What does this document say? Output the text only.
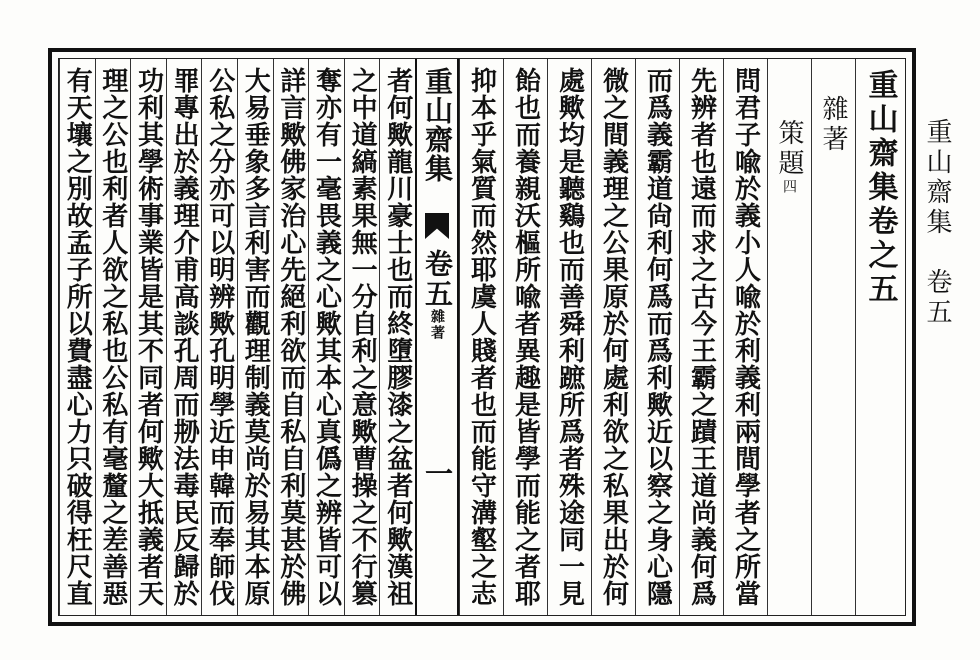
重山齋集　卷五
重山齋集卷之五
雜著
策題四
問君子喩於義小人喩於利義利兩間學者之所當
先辨者也遠而求之古今王霸之蹟王道尚義何爲
而爲義霸道尙利何爲而爲利歟近以察之身心隱
微之間義理之公果原於何處利欲之私果出於何
處歟均是聽鷄也而善舜利蹠所爲者殊途同一見
飴也而養親沃樞所喩者異趣是皆學而能之者耶
抑本乎氣質而然耶虞人賤者也而能守溝壑之志
重山齋集
卷五雜著
一
者何歟龍川豪士也而終墮膠漆之盆者何歟漢祖
之中道縞素果無一分自利之意歟曹操之不行篡
奪亦有一毫畏義之心歟其本心真僞之辨皆可以
詳言歟佛家治心先絕利欲而自私自利莫甚於佛
大易垂象多言利害而觀理制義莫尚於易其本原
公私之分亦可以明辨歟孔明學近申韓而奉師伐
罪專出於義理介甫高談孔周而刱法毒民反歸於
功利其學術事業皆是其不同者何歟大抵義者天
理之公也利者人欲之私也公私有毫釐之差善惡
有天壤之別故孟子所以費盡心力只破得枉尺直
